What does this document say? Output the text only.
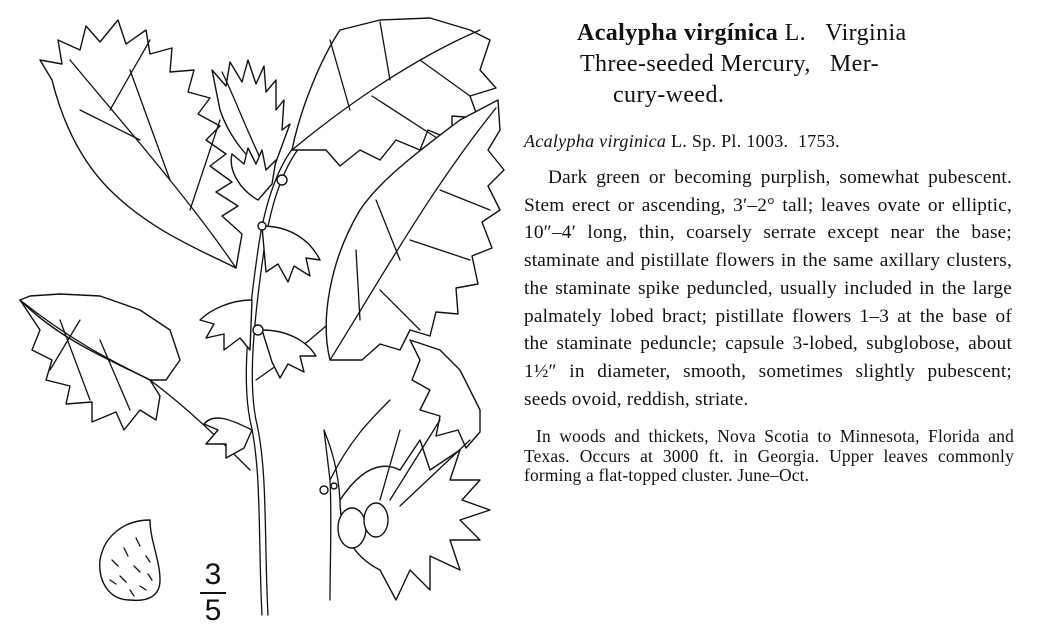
3
5
Acalypha virgínica L. Virginia
Three-seeded Mercury, Mer-
cury-weed.
Acalypha virginica L. Sp. Pl. 1003. 1753.

Dark green or becoming purplish, somewhat pubescent. Stem erect or ascending, 3′–2° tall; leaves ovate or elliptic, 10″–4′ long, thin, coarsely serrate except near the base; staminate and pistillate flowers in the same axillary clusters, the staminate spike peduncled, usually included in the large palmately lobed bract; pistillate flowers 1–3 at the base of the staminate peduncle; capsule 3-lobed, subglobose, about 1½″ in diameter, smooth, sometimes slightly pubescent; seeds ovoid, reddish, striate.

In woods and thickets, Nova Scotia to Minnesota, Florida and Texas. Occurs at 3000 ft. in Georgia. Upper leaves commonly forming a flat-topped cluster. June–Oct.
